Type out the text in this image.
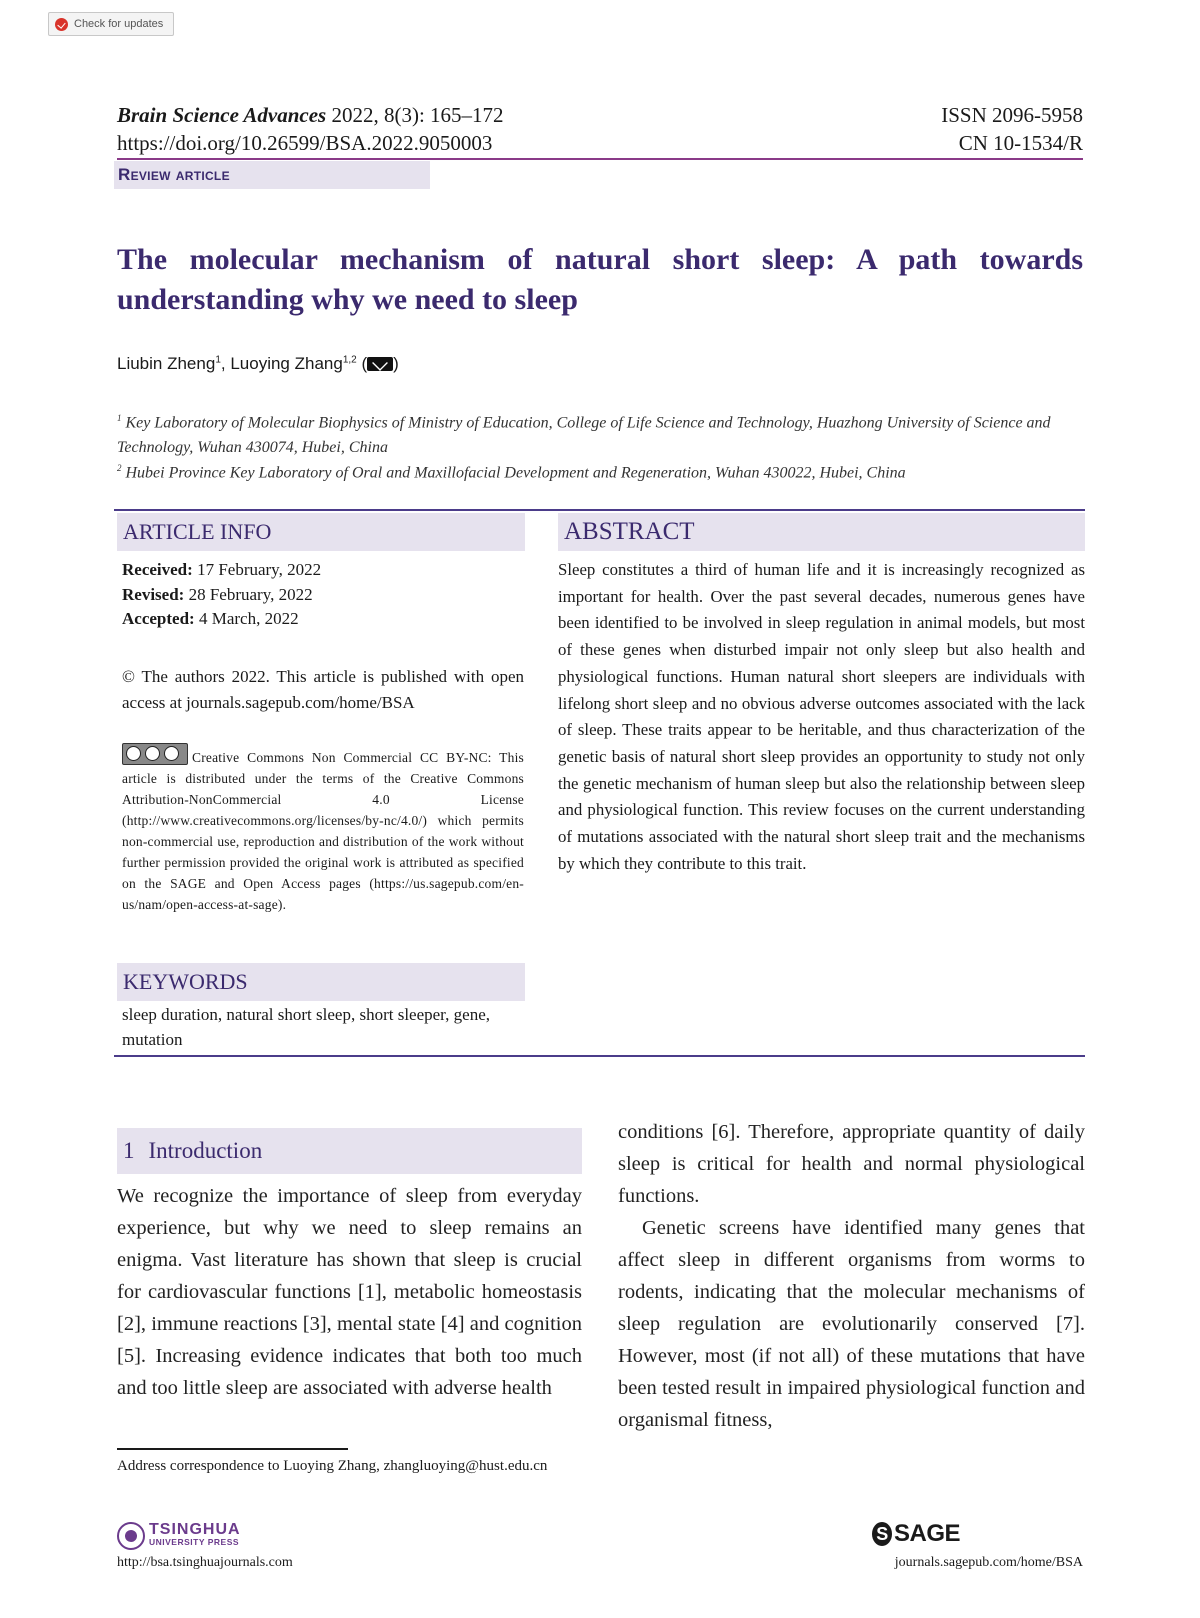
Check for updates
Brain Science Advances 2022, 8(3): 165–172
https://doi.org/10.26599/BSA.2022.9050003
ISSN 2096-5958
CN 10-1534/R
Review article
The molecular mechanism of natural short sleep: A path towards understanding why we need to sleep
Liubin Zheng$^1$, Luoying Zhang$^{1,2}$ ( )
$^1$ Key Laboratory of Molecular Biophysics of Ministry of Education, College of Life Science and Technology, Huazhong University of Science and Technology, Wuhan 430074, Hubei, China
$^2$ Hubei Province Key Laboratory of Oral and Maxillofacial Development and Regeneration, Wuhan 430022, Hubei, China
ARTICLE INFO
Received: 17 February, 2022
Revised: 28 February, 2022
Accepted: 4 March, 2022
© The authors 2022. This article is published with open access at journals.sagepub.com/home/BSA
Creative Commons Non Commercial CC BY-NC: This article is distributed under the terms of the Creative Commons Attribution-NonCommercial 4.0 License (http://www.creativecommons.org/licenses/by-nc/4.0/) which permits non-commercial use, reproduction and distribution of the work without further permission provided the original work is attributed as specified on the SAGE and Open Access pages (https://us.sagepub.com/en-us/nam/open-access-at-sage).
KEYWORDS
sleep duration, natural short sleep, short sleeper, gene, mutation
ABSTRACT
Sleep constitutes a third of human life and it is increasingly recognized as important for health. Over the past several decades, numerous genes have been identified to be involved in sleep regulation in animal models, but most of these genes when disturbed impair not only sleep but also health and physiological functions. Human natural short sleepers are individuals with lifelong short sleep and no obvious adverse outcomes associated with the lack of sleep. These traits appear to be heritable, and thus characterization of the genetic basis of natural short sleep provides an opportunity to study not only the genetic mechanism of human sleep but also the relationship between sleep and physiological function. This review focuses on the current understanding of mutations associated with the natural short sleep trait and the mechanisms by which they contribute to this trait.
1 Introduction
We recognize the importance of sleep from everyday experience, but why we need to sleep remains an enigma. Vast literature has shown that sleep is crucial for cardiovascular functions [1], metabolic homeostasis [2], immune reactions [3], mental state [4] and cognition [5]. Increasing evidence indicates that both too much and too little sleep are associated with adverse health

conditions [6]. Therefore, appropriate quantity of daily sleep is critical for health and normal physiological functions.

Genetic screens have identified many genes that affect sleep in different organisms from worms to rodents, indicating that the molecular mechanisms of sleep regulation are evolutionarily conserved [7]. However, most (if not all) of these mutations that have been tested result in impaired physiological function and organismal fitness,

Address correspondence to Luoying Zhang, zhangluoying@hust.edu.cn
TSINGHUA
UNIVERSITY PRESS
http://bsa.tsinghuajournals.com
S SAGE
journals.sagepub.com/home/BSA
